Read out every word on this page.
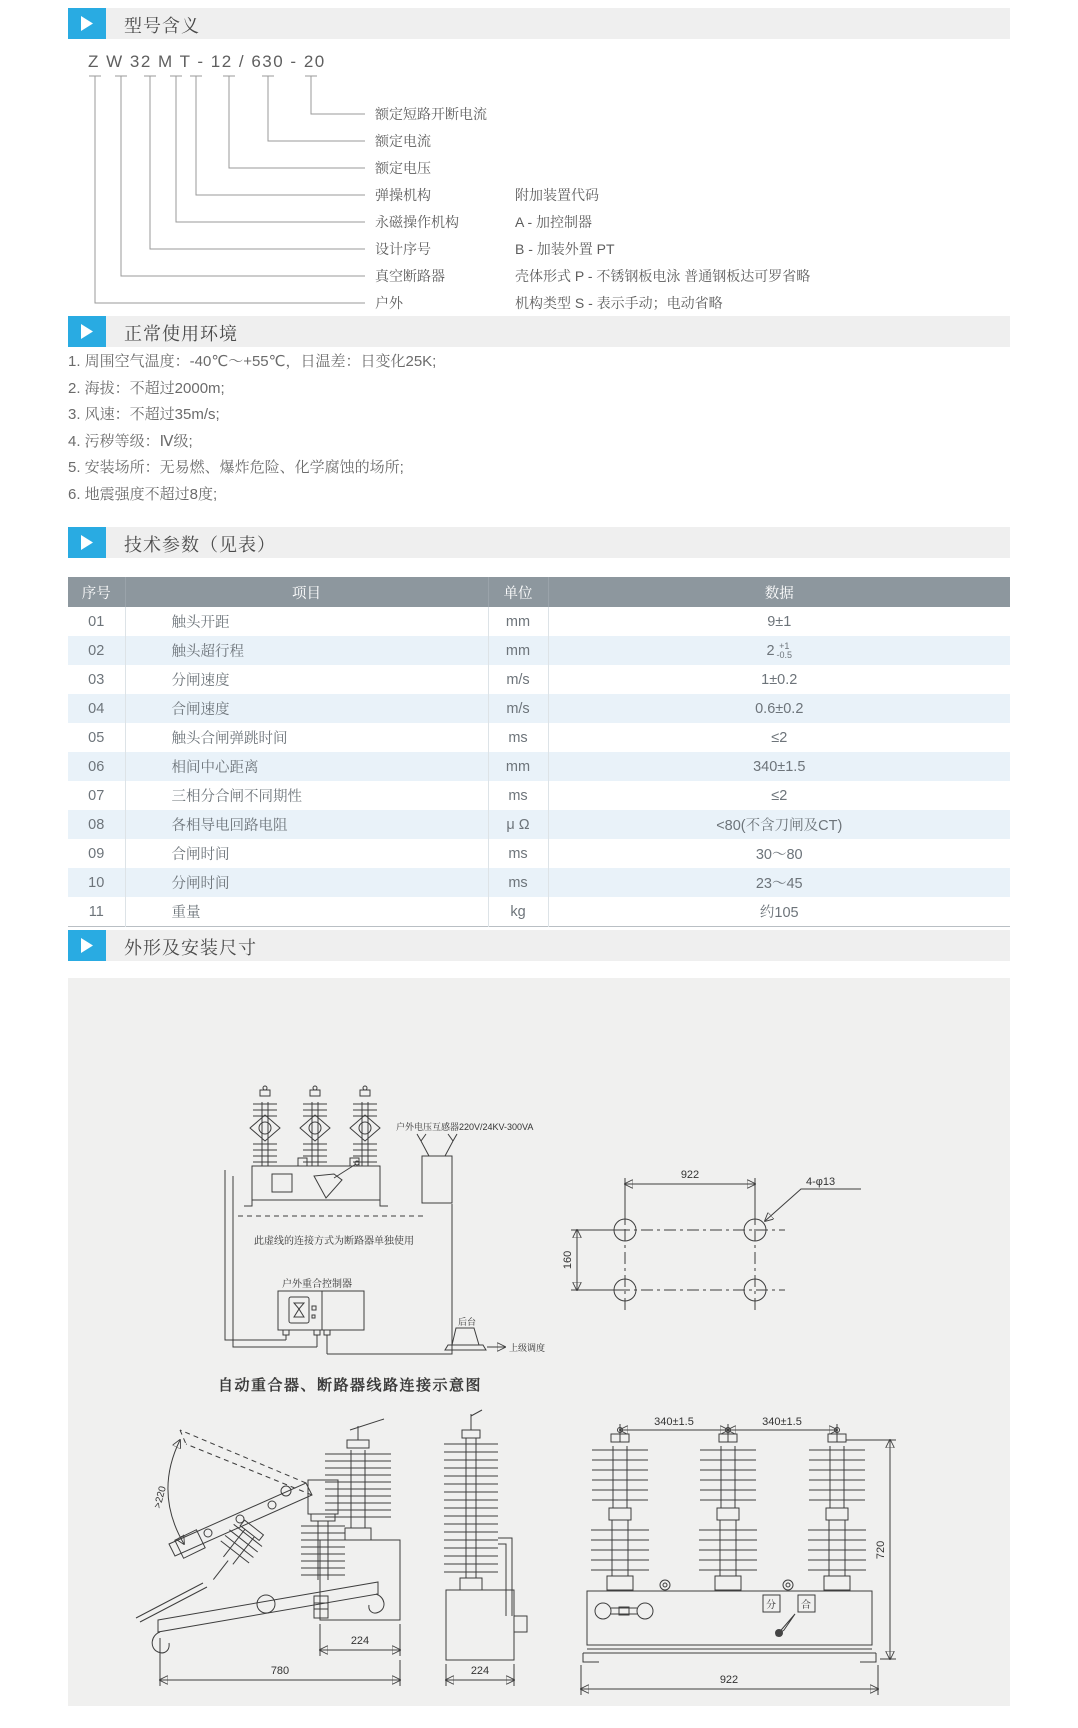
型号含义
Z W 32 M T - 12 / 630 - 20
额定短路开断电流
额定电流
额定电压
弹操机构
永磁操作机构
设计序号
真空断路器
户外
附加装置代码
A - 加控制器
B - 加装外置 PT
壳体形式 P - 不锈钢板电泳 普通钢板达可罗省略
机构类型 S - 表示手动；电动省略
正常使用环境
1. 周围空气温度：-40℃～+55℃，日温差：日变化25K;
2. 海拔：不超过2000m;
3. 风速：不超过35m/s;
4. 污秽等级：Ⅳ级;
5. 安装场所：无易燃、爆炸危险、化学腐蚀的场所;
6. 地震强度不超过8度;
技术参数（见表）
序号	项目	单位	数据
01	触头开距	mm	9±1
02	触头超行程	mm	2 +1
-0.5

03	分闸速度	m/s	1±0.2
04	合闸速度	m/s	0.6±0.2
05	触头合闸弹跳时间	ms	≤2
06	相间中心距离	mm	340±1.5
07	三相分合闸不同期性	ms	≤2
08	各相导电回路电阻	μ Ω	<80(不含刀闸及CT)
09	合闸时间	ms	30～80
10	分闸时间	ms	23～45
11	重量	kg	约105
外形及安装尺寸
户外电压互感器220V/24KV-300VA
此虚线的连接方式为断路器单独使用
户外重合控制器
后台
上级调度
自动重合器、断路器线路连接示意图
922
160
4-φ13
>220
224
780	224
分	合
340±1.5	340±1.5
720
922
